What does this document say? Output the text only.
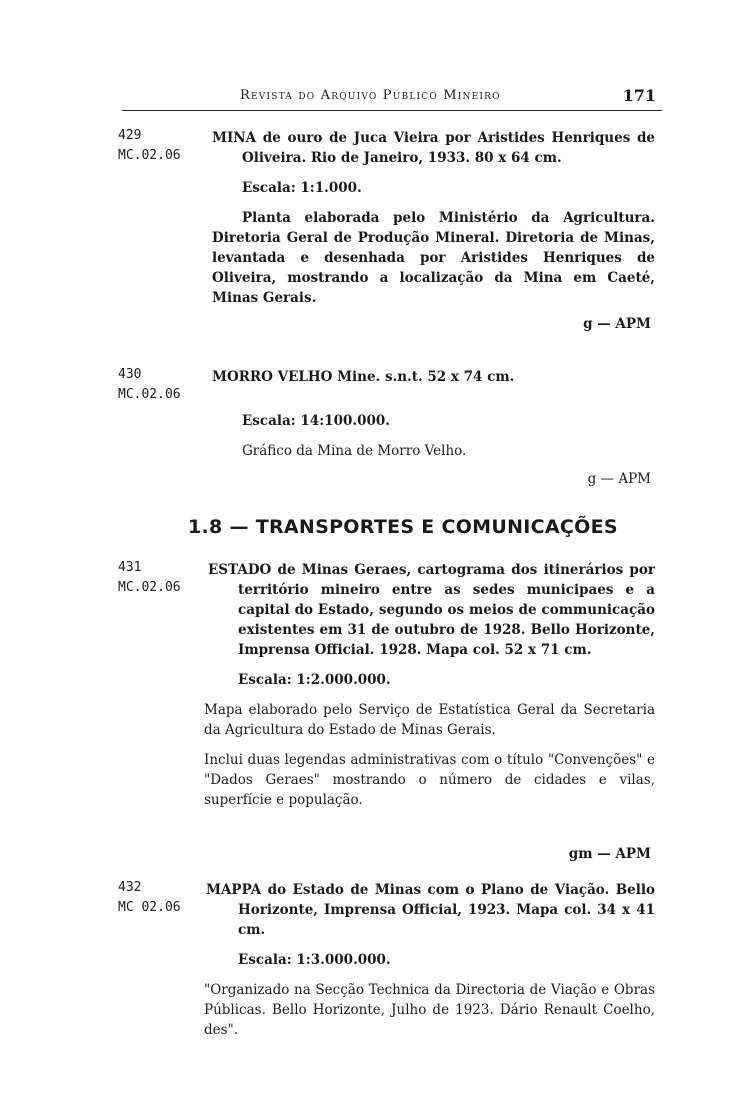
Revista do Arquivo Público Mineiro	171
429
MC.02.06

MINA de ouro de Juca Vieira por Aristides Henriques de Oliveira. Rio de Janeiro, 1933. 80 x 64 cm.

Escala: 1:1.000.

Planta elaborada pelo Ministério da Agricultura. Diretoria Geral de Produção Mineral. Diretoria de Minas, levantada e desenhada por Aristides Henriques de Oliveira, mostrando a localização da Mina em Caeté, Minas Gerais.

g — APM
430
MC.02.06

MORRO VELHO Mine. s.n.t. 52 x 74 cm.

Escala: 14:100.000.

Gráfico da Mina de Morro Velho.

g — APM
1.8 — TRANSPORTES E COMUNICAÇÕES
431
MC.02.06

ESTADO de Minas Geraes, cartograma dos itinerários por território mineiro entre as sedes municipaes e a capital do Estado, segundo os meios de communicação existentes em 31 de outubro de 1928. Bello Horizonte, Imprensa Official. 1928. Mapa col. 52 x 71 cm.

Escala: 1:2.000.000.

Mapa elaborado pelo Serviço de Estatística Geral da Secretaria da Agricultura do Estado de Minas Gerais.

Inclui duas legendas administrativas com o título "Convenções" e "Dados Geraes" mostrando o número de cidades e vilas, superfície e população.

gm — APM
432
MC 02.06

MAPPA do Estado de Minas com o Plano de Viação. Bello Horizonte, Imprensa Official, 1923. Mapa col. 34 x 41 cm.

Escala: 1:3.000.000.

"Organizado na Secção Technica da Directoria de Viação e Obras Públicas. Bello Horizonte, Julho de 1923. Dário Renault Coelho, des".
